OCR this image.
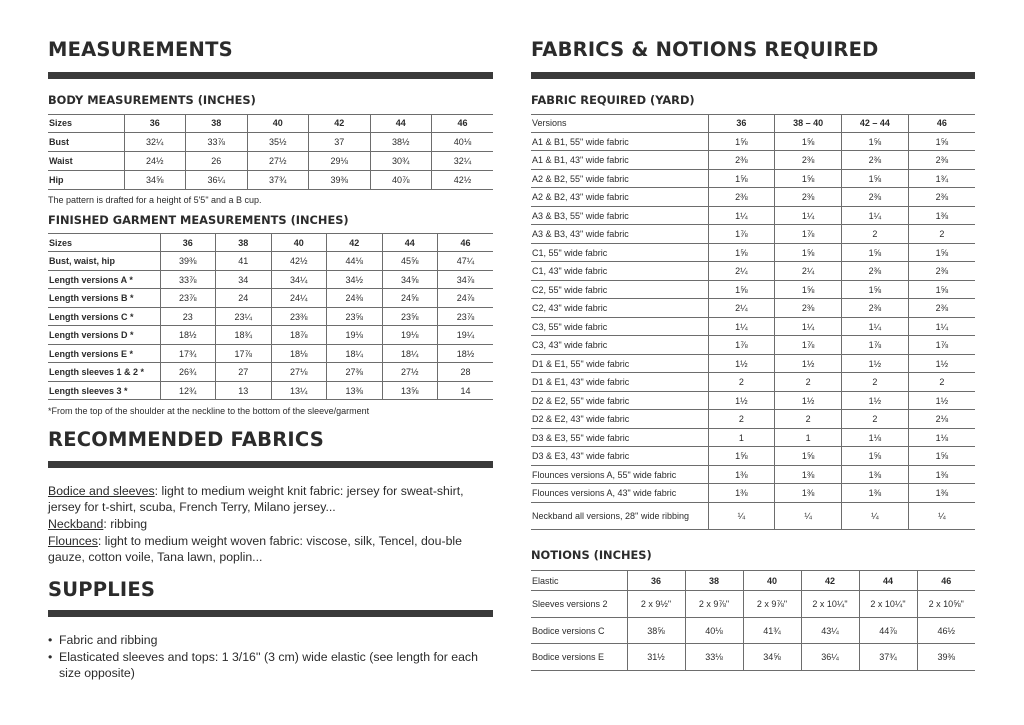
MEASUREMENTS
BODY MEASUREMENTS (INCHES)
Sizes	36	38	40	42	44	46
Bust	32¼	33⅞	35½	37	38½	40⅛
Waist	24½	26	27½	29⅛	30¾	32¼
Hip	34⅝	36¼	37¾	39⅜	40⅞	42½
The pattern is drafted for a height of 5'5" and a B cup.
FINISHED GARMENT MEASUREMENTS (INCHES)
Sizes	36	38	40	42	44	46
Bust, waist, hip	39⅜	41	42½	44⅛	45⅝	47¼
Length versions A *	33⅞	34	34¼	34½	34⅝	34⅞
Length versions B *	23⅞	24	24¼	24⅜	24⅝	24⅞
Length versions C *	23	23¼	23⅜	23⅝	23⅝	23⅞
Length versions D *	18½	18¾	18⅞	19⅛	19⅛	19¼
Length versions E *	17¾	17⅞	18⅛	18¼	18¼	18½
Length sleeves 1 & 2 *	26¾	27	27⅛	27⅜	27½	28
Length sleeves 3 *	12¾	13	13¼	13⅜	13⅝	14
*From the top of the shoulder at the neckline to the bottom of the sleeve/garment
RECOMMENDED FABRICS
Bodice and sleeves: light to medium weight knit fabric: jersey for sweat-shirt, jersey for t-shirt, scuba, French Terry, Milano jersey...
Neckband: ribbing
Flounces: light to medium weight woven fabric: viscose, silk, Tencel, dou-ble gauze, cotton voile, Tana lawn, poplin...
SUPPLIES
• Fabric and ribbing
• Elasticated sleeves and tops: 1 3/16'' (3 cm) wide elastic (see length for each size opposite)
FABRICS & NOTIONS REQUIRED
FABRIC REQUIRED (YARD)
Versions	36	38 – 40	42 – 44	46
A1 & B1, 55" wide fabric	1⅝	1⅝	1⅝	1⅝
A1 & B1, 43" wide fabric	2⅜	2⅜	2⅜	2⅜
A2 & B2, 55" wide fabric	1⅝	1⅝	1⅝	1¾
A2 & B2, 43" wide fabric	2⅜	2⅜	2⅜	2⅜
A3 & B3, 55" wide fabric	1¼	1¼	1¼	1⅜
A3 & B3, 43" wide fabric	1⅞	1⅞	2	2
C1, 55" wide fabric	1⅝	1⅝	1⅝	1⅝
C1, 43" wide fabric	2¼	2¼	2⅜	2⅜
C2, 55" wide fabric	1⅝	1⅝	1⅝	1⅝
C2, 43" wide fabric	2¼	2⅜	2⅜	2⅜
C3, 55" wide fabric	1¼	1¼	1¼	1¼
C3, 43" wide fabric	1⅞	1⅞	1⅞	1⅞
D1 & E1, 55" wide fabric	1½	1½	1½	1½
D1 & E1, 43" wide fabric	2	2	2	2
D2 & E2, 55" wide fabric	1½	1½	1½	1½
D2 & E2, 43" wide fabric	2	2	2	2⅛
D3 & E3, 55" wide fabric	1	1	1⅛	1⅛
D3 & E3, 43" wide fabric	1⅝	1⅝	1⅝	1⅝
Flounces versions A, 55" wide fabric	1⅜	1⅜	1⅜	1⅜
Flounces versions A, 43" wide fabric	1⅜	1⅜	1⅜	1⅜
Neckband all versions, 28'' wide ribbing	¼	¼	¼	¼
NOTIONS (INCHES)
Elastic	36	38	40	42	44	46
Sleeves versions 2	2 x 9½"	2 x 9⅞"	2 x 9⅞"	2 x 10¼"	2 x 10¼"	2 x 10⅝"
Bodice versions C	38⅝	40⅛	41¾	43¼	44⅞	46½
Bodice versions E	31½	33⅛	34⅝	36¼	37¾	39⅜
